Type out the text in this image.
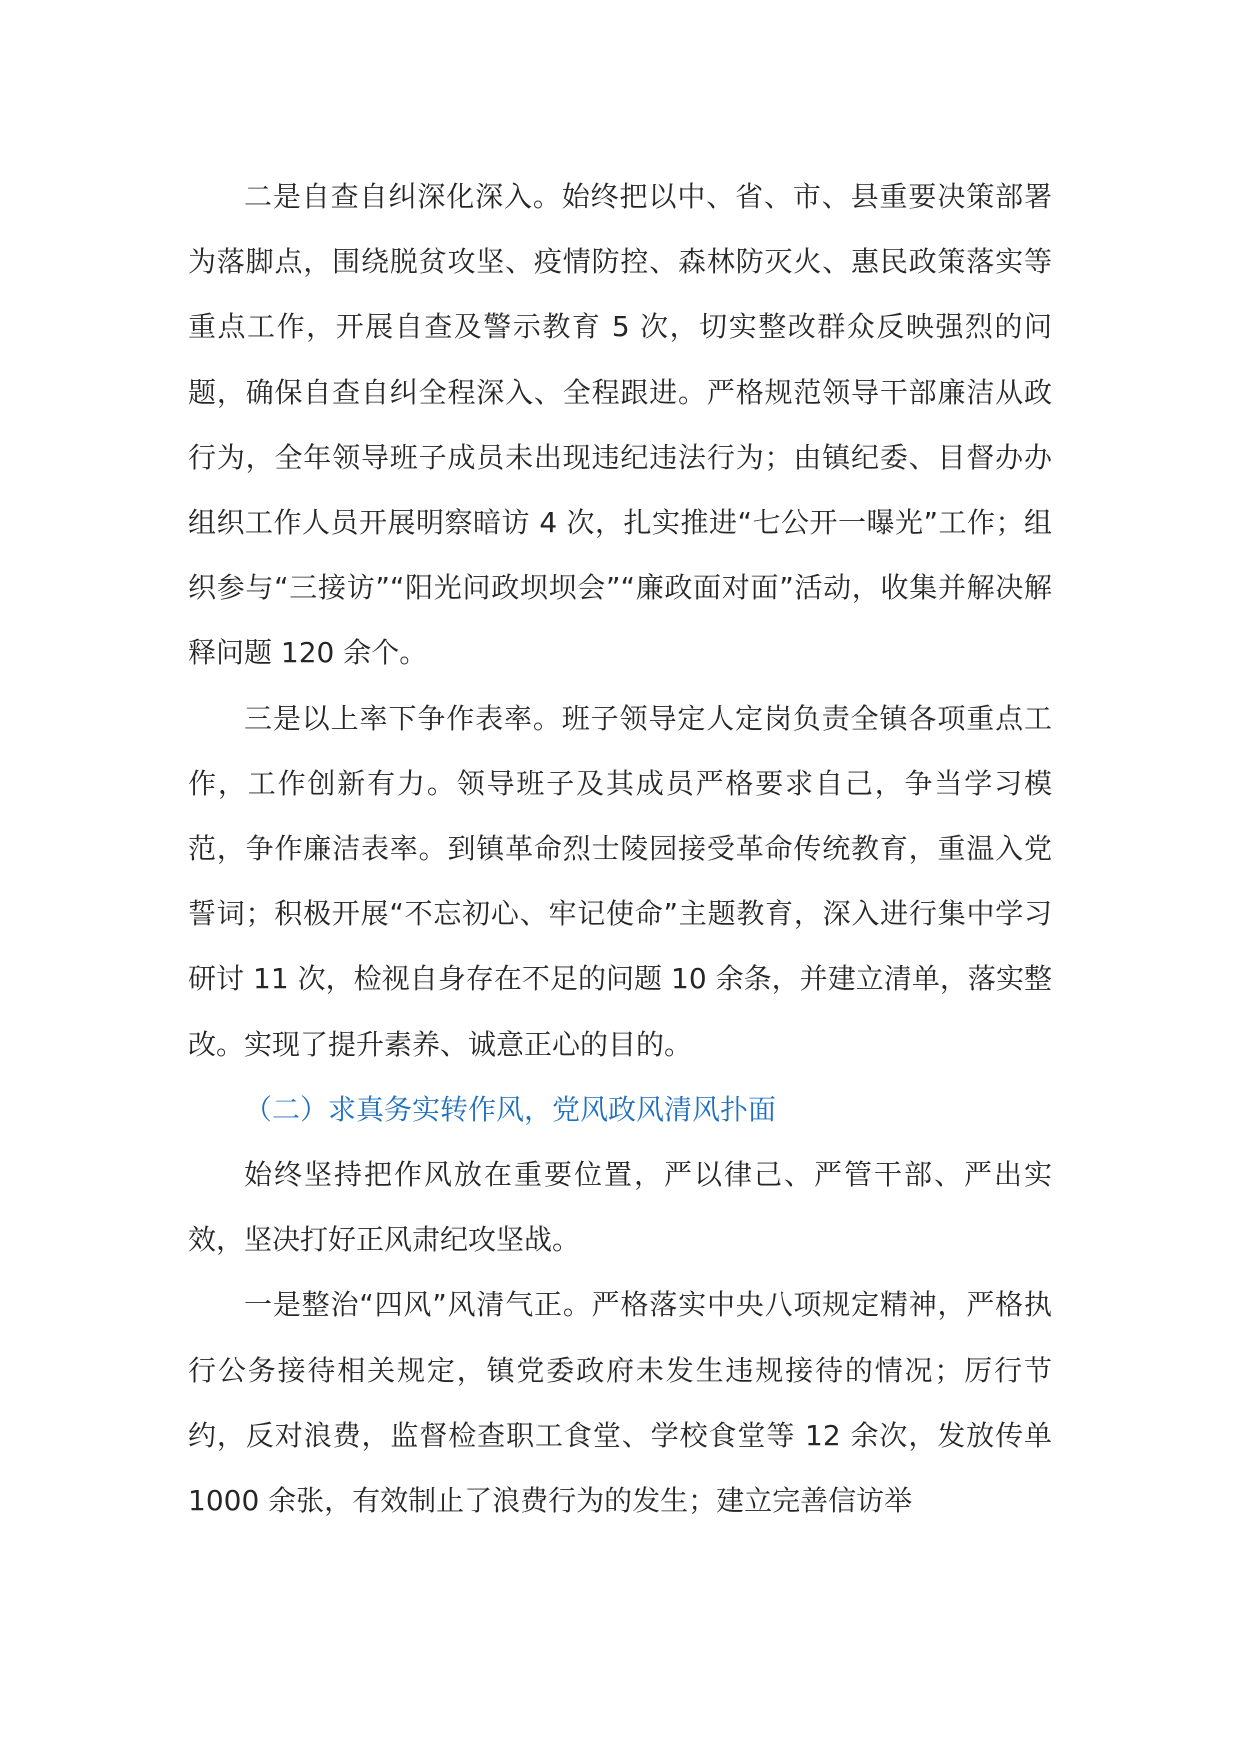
二是自查自纠深化深入。始终把以中、省、市、县重要决策部署为落脚点，围绕脱贫攻坚、疫情防控、森林防灭火、惠民政策落实等重点工作，开展自查及警示教育 5 次，切实整改群众反映强烈的问题，确保自查自纠全程深入、全程跟进。严格规范领导干部廉洁从政行为，全年领导班子成员未出现违纪违法行为；由镇纪委、目督办办组织工作人员开展明察暗访 4 次，扎实推进“七公开一曝光”工作；组织参与“三接访”“阳光问政坝坝会”“廉政面对面”活动，收集并解决解释问题 120 余个。

三是以上率下争作表率。班子领导定人定岗负责全镇各项重点工作，工作创新有力。领导班子及其成员严格要求自己，争当学习模范，争作廉洁表率。到镇革命烈士陵园接受革命传统教育，重温入党誓词；积极开展“不忘初心、牢记使命”主题教育，深入进行集中学习研讨 11 次，检视自身存在不足的问题 10 余条，并建立清单，落实整改。实现了提升素养、诚意正心的目的。

（二）求真务实转作风，党风政风清风扑面

始终坚持把作风放在重要位置，严以律己、严管干部、严出实效，坚决打好正风肃纪攻坚战。

一是整治“四风”风清气正。严格落实中央八项规定精神，严格执行公务接待相关规定，镇党委政府未发生违规接待的情况；厉行节约，反对浪费，监督检查职工食堂、学校食堂等 12 余次，发放传单 1000 余张，有效制止了浪费行为的发生；建立完善信访举
